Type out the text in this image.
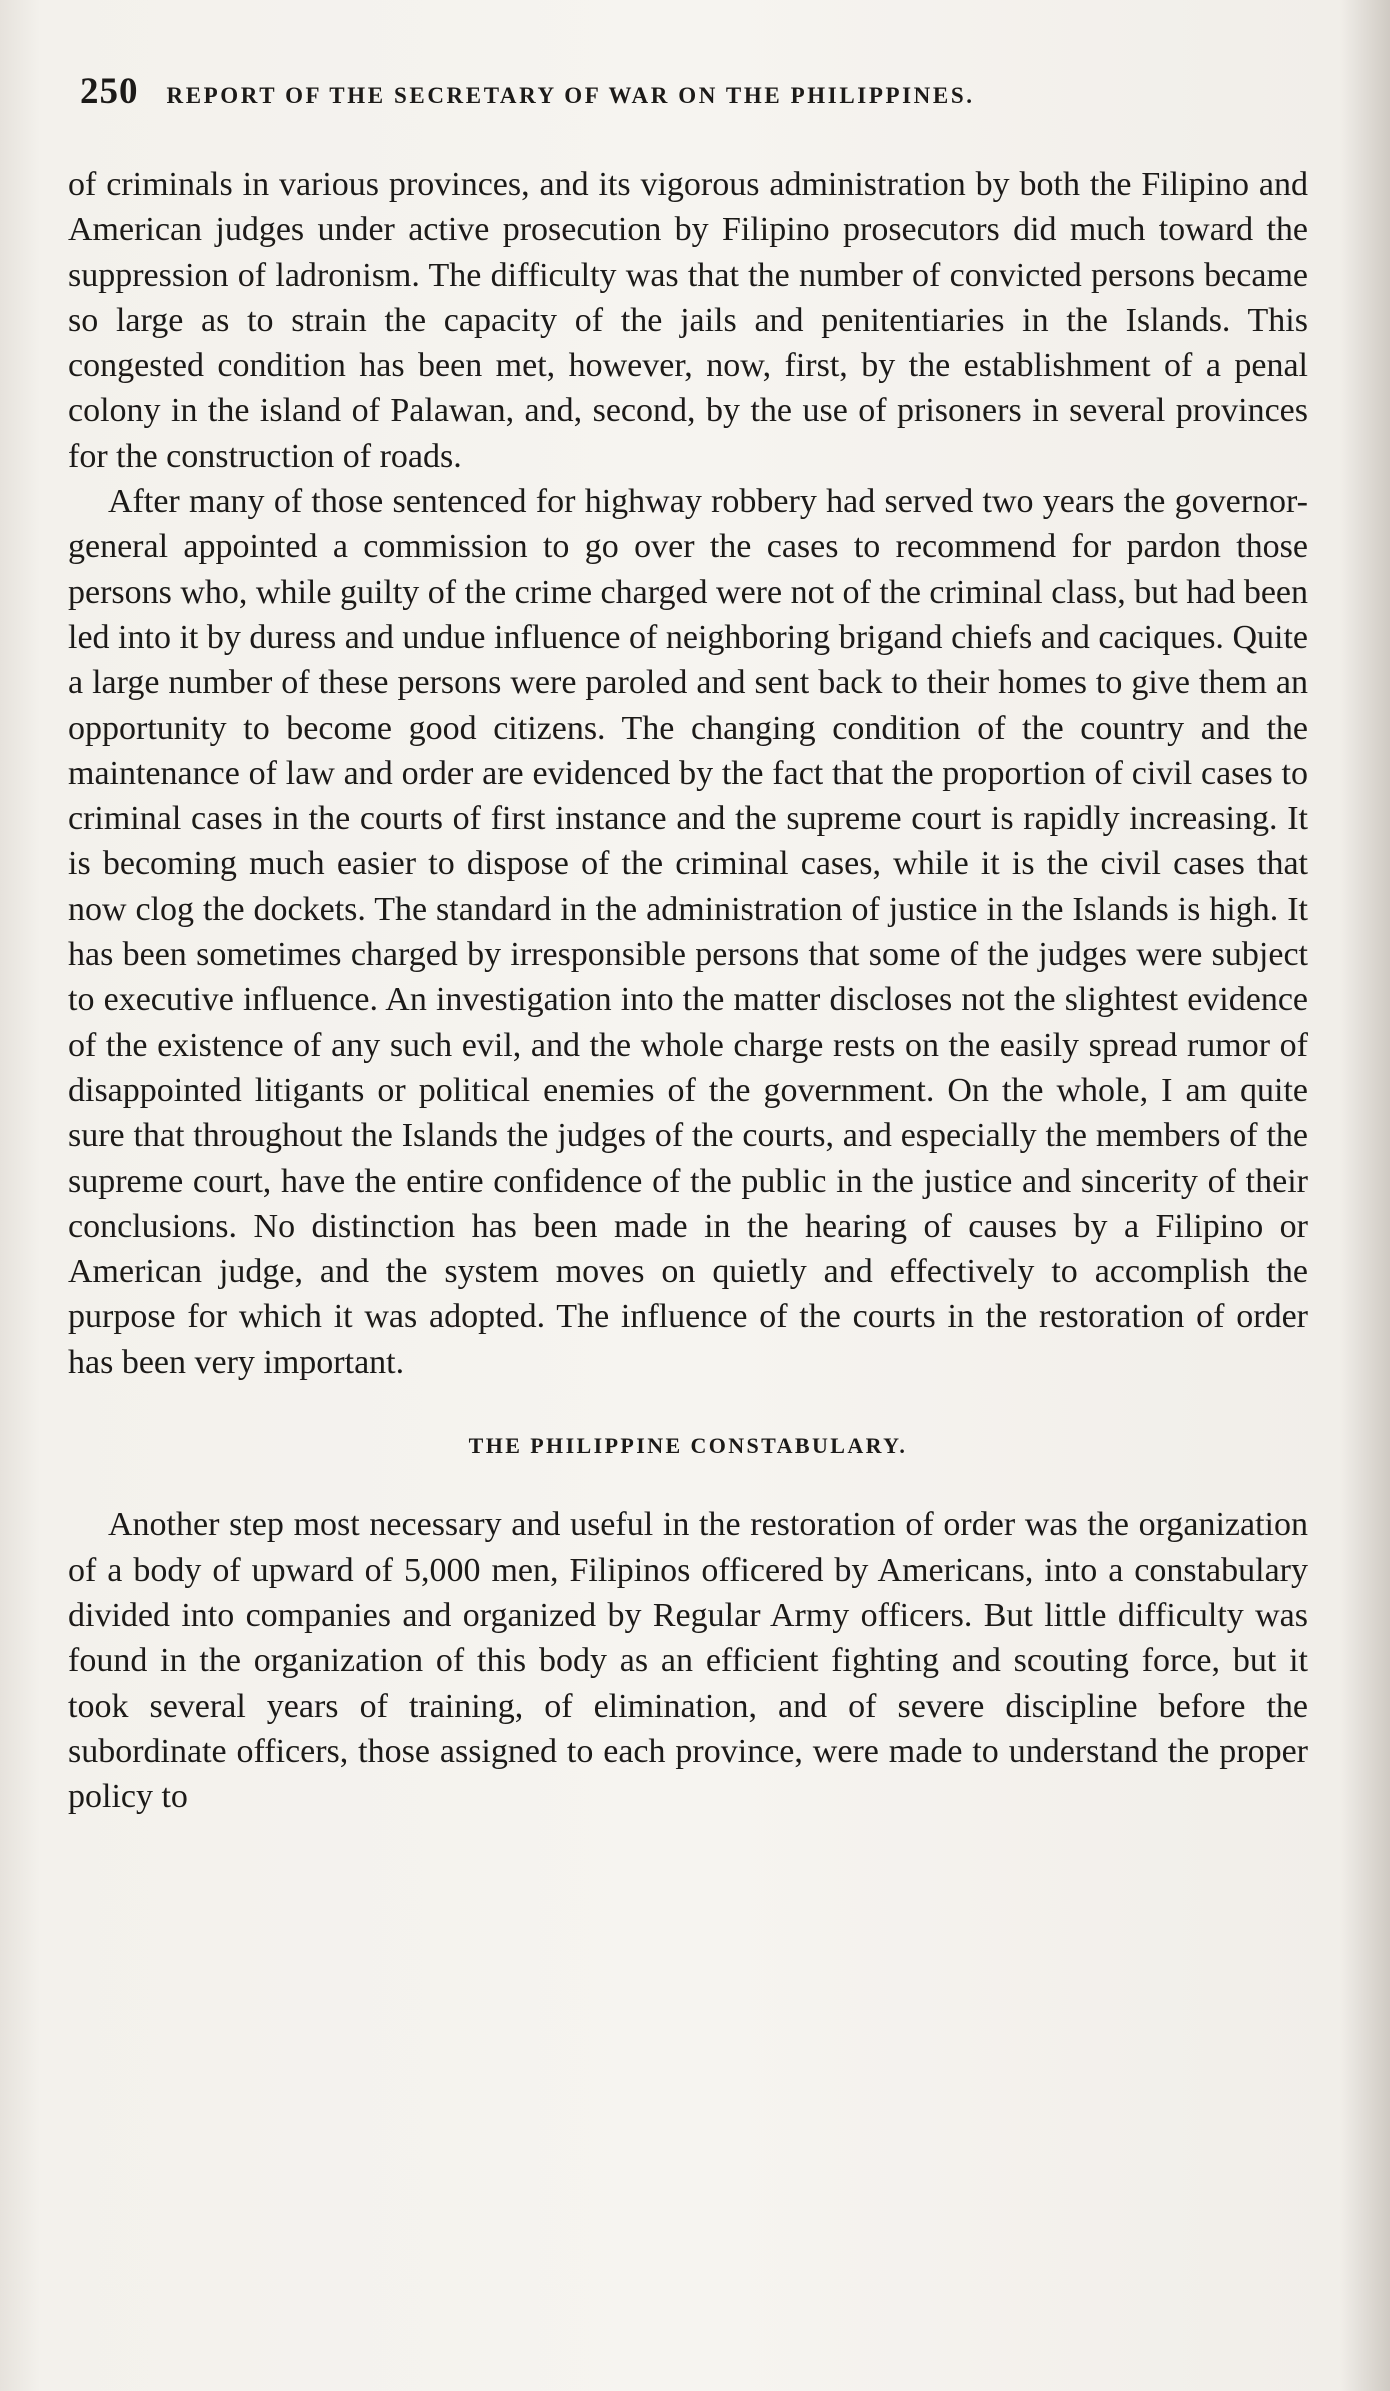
250 REPORT OF THE SECRETARY OF WAR ON THE PHILIPPINES.

of criminals in various provinces, and its vigorous administration by both the Filipino and American judges under active prosecution by Filipino prosecutors did much toward the suppression of ladronism. The difficulty was that the number of convicted persons became so large as to strain the capacity of the jails and penitentiaries in the Islands. This congested condition has been met, however, now, first, by the establishment of a penal colony in the island of Palawan, and, second, by the use of prisoners in several provinces for the construction of roads.

After many of those sentenced for highway robbery had served two years the governor-general appointed a commission to go over the cases to recommend for pardon those persons who, while guilty of the crime charged were not of the criminal class, but had been led into it by duress and undue influence of neighboring brigand chiefs and caciques. Quite a large number of these persons were paroled and sent back to their homes to give them an opportunity to become good citizens. The changing condition of the country and the maintenance of law and order are evidenced by the fact that the proportion of civil cases to criminal cases in the courts of first instance and the supreme court is rapidly increasing. It is becoming much easier to dispose of the criminal cases, while it is the civil cases that now clog the dockets. The standard in the administration of justice in the Islands is high. It has been sometimes charged by irresponsible persons that some of the judges were subject to executive influence. An investigation into the matter discloses not the slightest evidence of the existence of any such evil, and the whole charge rests on the easily spread rumor of disappointed litigants or political enemies of the government. On the whole, I am quite sure that throughout the Islands the judges of the courts, and especially the members of the supreme court, have the entire confidence of the public in the justice and sincerity of their conclusions. No distinction has been made in the hearing of causes by a Filipino or American judge, and the system moves on quietly and effectively to accomplish the purpose for which it was adopted. The influence of the courts in the restoration of order has been very important.

THE PHILIPPINE CONSTABULARY.

Another step most necessary and useful in the restoration of order was the organization of a body of upward of 5,000 men, Filipinos officered by Americans, into a constabulary divided into companies and organized by Regular Army officers. But little difficulty was found in the organization of this body as an efficient fighting and scouting force, but it took several years of training, of elimination, and of severe discipline before the subordinate officers, those assigned to each province, were made to understand the proper policy to
